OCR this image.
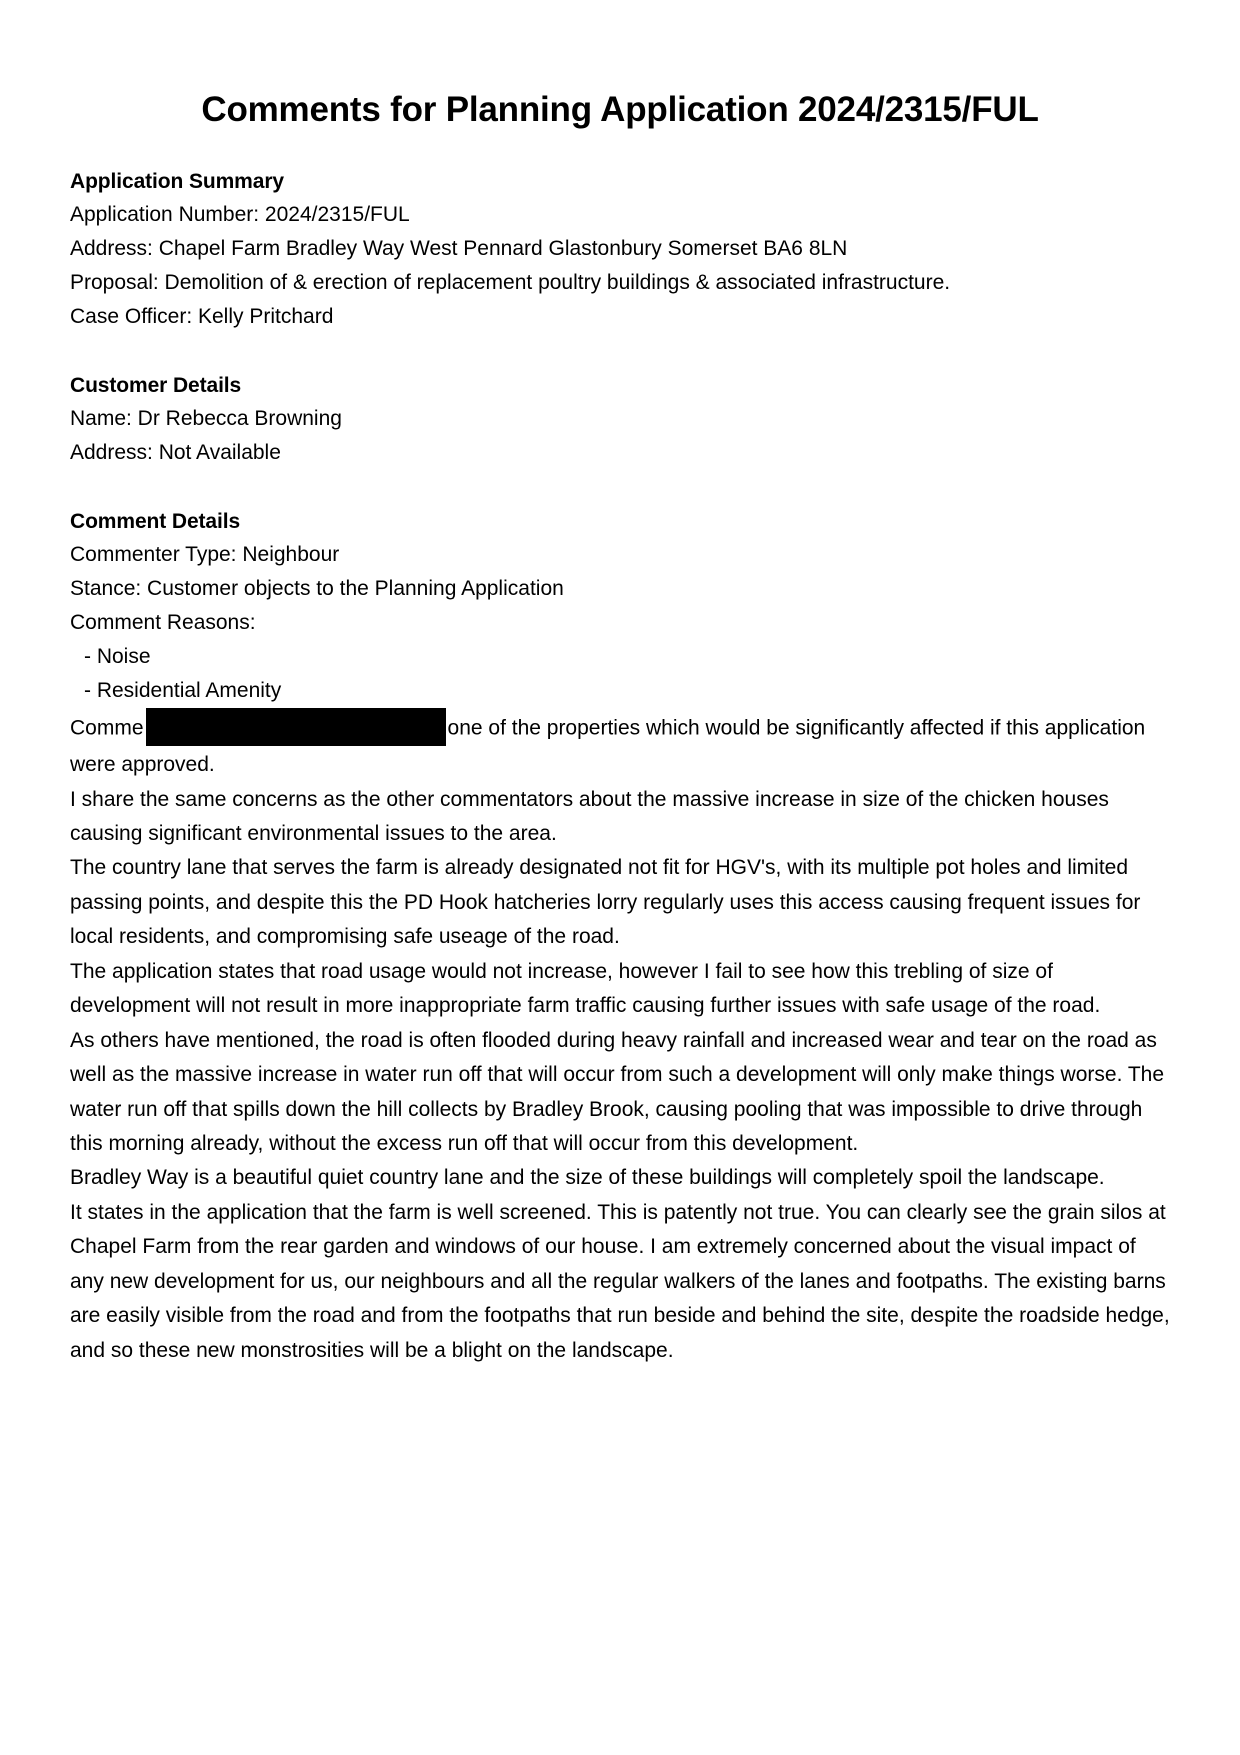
Comments for Planning Application 2024/2315/FUL
Application Summary

Application Number: 2024/2315/FUL

Address: Chapel Farm Bradley Way West Pennard Glastonbury Somerset BA6 8LN

Proposal: Demolition of & erection of replacement poultry buildings & associated infrastructure.

Case Officer: Kelly Pritchard

Customer Details

Name: Dr Rebecca Browning

Address: Not Available

Comment Details

Commenter Type: Neighbour

Stance: Customer objects to the Planning Application

Comment Reasons:

- Noise

- Residential Amenity

Comme	one of the properties which would be significantly affected if this application were approved.

I share the same concerns as the other commentators about the massive increase in size of the chicken houses causing significant environmental issues to the area.

The country lane that serves the farm is already designated not fit for HGV's, with its multiple pot holes and limited passing points, and despite this the PD Hook hatcheries lorry regularly uses this access causing frequent issues for local residents, and compromising safe useage of the road.

The application states that road usage would not increase, however I fail to see how this trebling of size of development will not result in more inappropriate farm traffic causing further issues with safe usage of the road.

As others have mentioned, the road is often flooded during heavy rainfall and increased wear and tear on the road as well as the massive increase in water run off that will occur from such a development will only make things worse. The water run off that spills down the hill collects by Bradley Brook, causing pooling that was impossible to drive through this morning already, without the excess run off that will occur from this development.

Bradley Way is a beautiful quiet country lane and the size of these buildings will completely spoil the landscape.

It states in the application that the farm is well screened. This is patently not true. You can clearly see the grain silos at Chapel Farm from the rear garden and windows of our house. I am extremely concerned about the visual impact of any new development for us, our neighbours and all the regular walkers of the lanes and footpaths. The existing barns are easily visible from the road and from the footpaths that run beside and behind the site, despite the roadside hedge, and so these new monstrosities will be a blight on the landscape.
